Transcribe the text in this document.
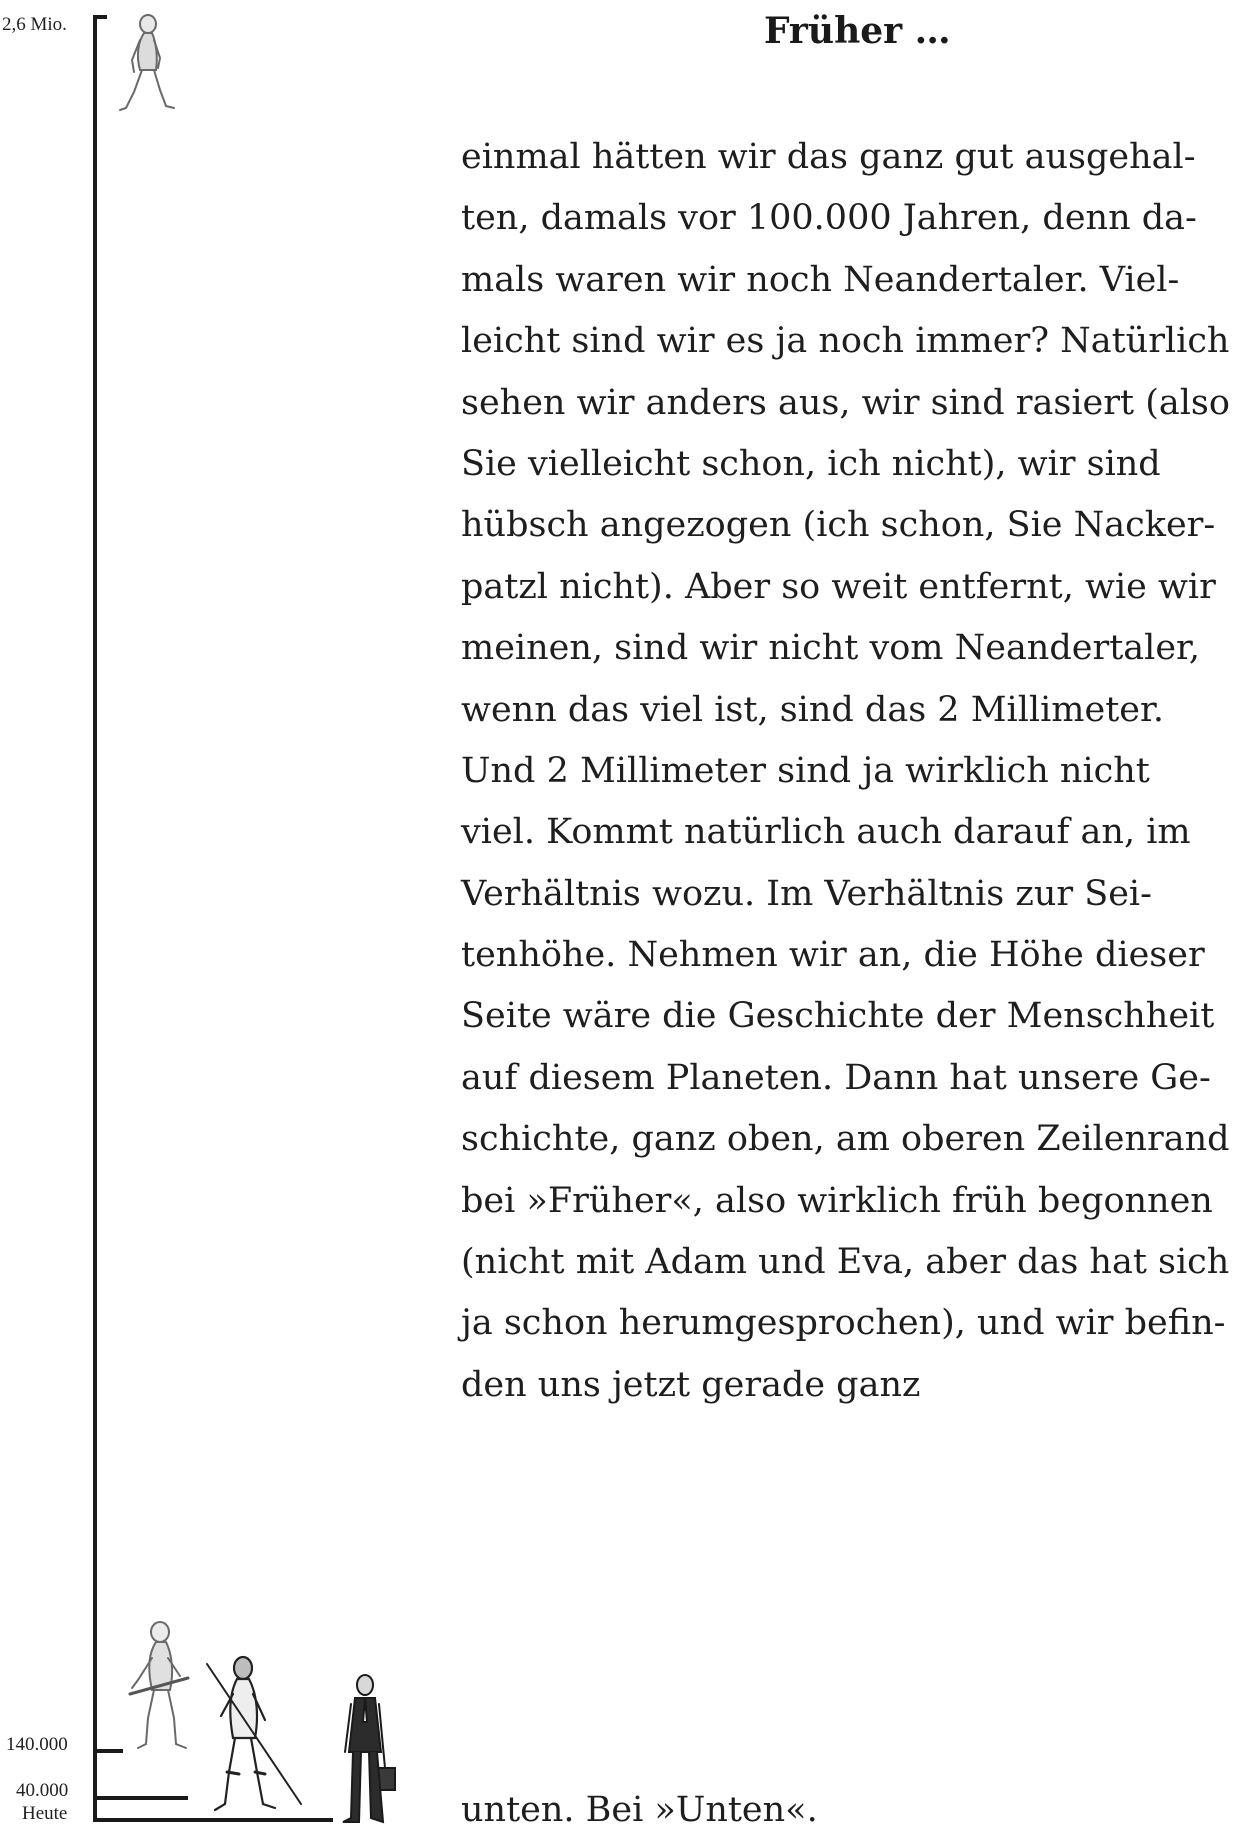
2,6 Mio.
140.000
40.000
Heute
Früher …
einmal hätten wir das ganz gut ausgehal-
ten, damals vor 100.000 Jahren, denn da-
mals waren wir noch Neandertaler. Viel-
leicht sind wir es ja noch immer? Natürlich
sehen wir anders aus, wir sind rasiert (also
Sie vielleicht schon, ich nicht), wir sind
hübsch angezogen (ich schon, Sie Nacker-
patzl nicht). Aber so weit entfernt, wie wir
meinen, sind wir nicht vom Neandertaler,
wenn das viel ist, sind das 2 Millimeter.
Und 2 Millimeter sind ja wirklich nicht
viel. Kommt natürlich auch darauf an, im
Verhältnis wozu. Im Verhältnis zur Sei-
tenhöhe. Nehmen wir an, die Höhe dieser
Seite wäre die Geschichte der Menschheit
auf diesem Planeten. Dann hat unsere Ge-
schichte, ganz oben, am oberen Zeilenrand
bei »Früher«, also wirklich früh begonnen
(nicht mit Adam und Eva, aber das hat sich
ja schon herumgesprochen), und wir befin-
den uns jetzt gerade ganz
unten. Bei »Unten«.
